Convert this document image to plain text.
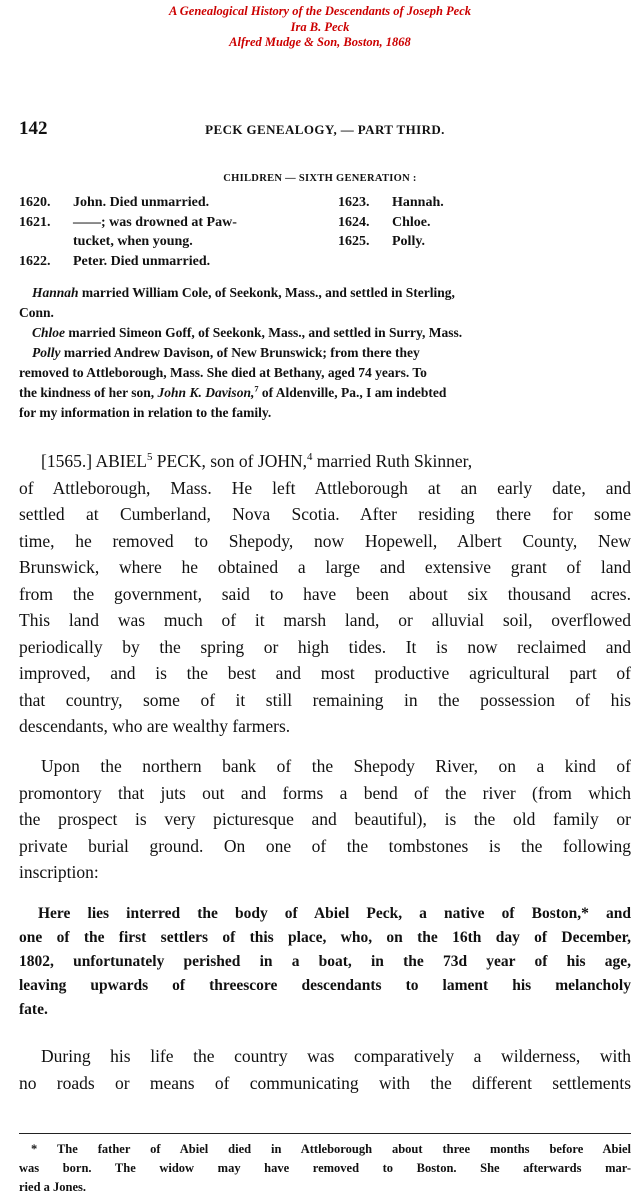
A Genealogical History of the Descendants of Joseph Peck
Ira B. Peck
Alfred Mudge & Son, Boston, 1868
142	PECK GENEALOGY, — PART THIRD.
CHILDREN — SIXTH GENERATION :
1620. John. Died unmarried.
1621. ——; was drowned at Paw-
tucket, when young.
1622. Peter. Died unmarried.
1623. Hannah.
1624. Chloe.
1625. Polly.

Hannah married William Cole, of Seekonk, Mass., and settled in Sterling,

Conn.

Chloe married Simeon Goff, of Seekonk, Mass., and settled in Surry, Mass.

Polly married Andrew Davison, of New Brunswick; from there they

removed to Attleborough, Mass. She died at Bethany, aged 74 years. To

the kindness of her son, John K. Davison,$^7$ of Aldenville, Pa., I am indebted

for my information in relation to the family.

[1565.] ABIEL$^5$ PECK, son of JOHN,$^4$ married Ruth Skinner,

of Attleborough, Mass. He left Attleborough at an early date, and

settled at Cumberland, Nova Scotia. After residing there for some

time, he removed to Shepody, now Hopewell, Albert County, New

Brunswick, where he obtained a large and extensive grant of land

from the government, said to have been about six thousand acres.

This land was much of it marsh land, or alluvial soil, overflowed

periodically by the spring or high tides. It is now reclaimed and

improved, and is the best and most productive agricultural part of

that country, some of it still remaining in the possession of his

descendants, who are wealthy farmers.

Upon the northern bank of the Shepody River, on a kind of

promontory that juts out and forms a bend of the river (from which

the prospect is very picturesque and beautiful), is the old family or

private burial ground. On one of the tombstones is the following

inscription:

Here lies interred the body of Abiel Peck, a native of Boston,* and

one of the first settlers of this place, who, on the 16th day of December,

1802, unfortunately perished in a boat, in the 73d year of his age,

leaving upwards of threescore descendants to lament his melancholy

fate.

During his life the country was comparatively a wilderness, with

no roads or means of communicating with the different settlements

* The father of Abiel died in Attleborough about three months before Abiel

was born. The widow may have removed to Boston. She afterwards mar-

ried a Jones.
